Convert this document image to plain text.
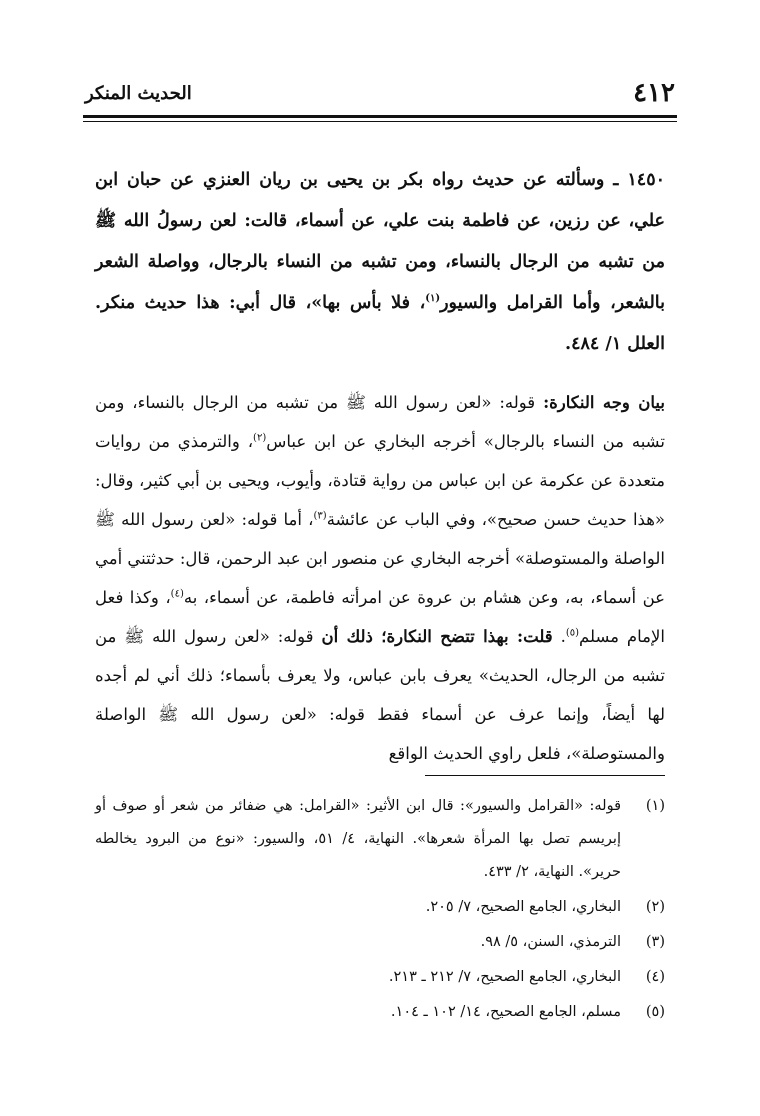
٤١٢
الحديث المنكر

١٤٥٠ ـ وسألته عن حديث رواه بكر بن يحيى بن ريان العنزي عن حبان ابن علي، عن رزين، عن فاطمة بنت علي، عن أسماء، قالت: لعن رسولُ الله ﷺ من تشبه من الرجال بالنساء، ومن تشبه من النساء بالرجال، وواصلة الشعر بالشعر، وأما القرامل والسيور$^{(١)}$، فلا بأس بها»، قال أبي: هذا حديث منكر. العلل ١/ ٤٨٤.

بيان وجه النكارة: قوله: «لعن رسول الله ﷺ من تشبه من الرجال بالنساء، ومن تشبه من النساء بالرجال» أخرجه البخاري عن ابن عباس$^{(٢)}$، والترمذي من روايات متعددة عن عكرمة عن ابن عباس من رواية قتادة، وأيوب، ويحيى بن أبي كثير، وقال: «هذا حديث حسن صحيح»، وفي الباب عن عائشة$^{(٣)}$، أما قوله: «لعن رسول الله ﷺ الواصلة والمستوصلة» أخرجه البخاري عن منصور ابن عبد الرحمن، قال: حدثتني أمي عن أسماء، به، وعن هشام بن عروة عن امرأته فاطمة، عن أسماء، به$^{(٤)}$، وكذا فعل الإمام مسلم$^{(٥)}$. قلت: بهذا تتضح النكارة؛ ذلك أن قوله: «لعن رسول الله ﷺ من تشبه من الرجال، الحديث» يعرف بابن عباس، ولا يعرف بأسماء؛ ذلك أني لم أجده لها أيضاً، وإنما عرف عن أسماء فقط قوله: «لعن رسول الله ﷺ الواصلة والمستوصلة»، فلعل راوي الحديث الواقع

(١)
قوله: «القرامل والسيور»: قال ابن الأثير: «القرامل: هي ضفائر من شعر أو صوف أو إبريسم تصل بها المرأة شعرها». النهاية، ٤/ ٥١، والسيور: «نوع من البرود يخالطه حرير». النهاية، ٢/ ٤٣٣.
(٢)
البخاري، الجامع الصحيح، ٧/ ٢٠٥.
(٣)
الترمذي، السنن، ٥/ ٩٨.
(٤)
البخاري، الجامع الصحيح، ٧/ ٢١٢ ـ ٢١٣.
(٥)
مسلم، الجامع الصحيح، ١٤/ ١٠٢ ـ ١٠٤.
